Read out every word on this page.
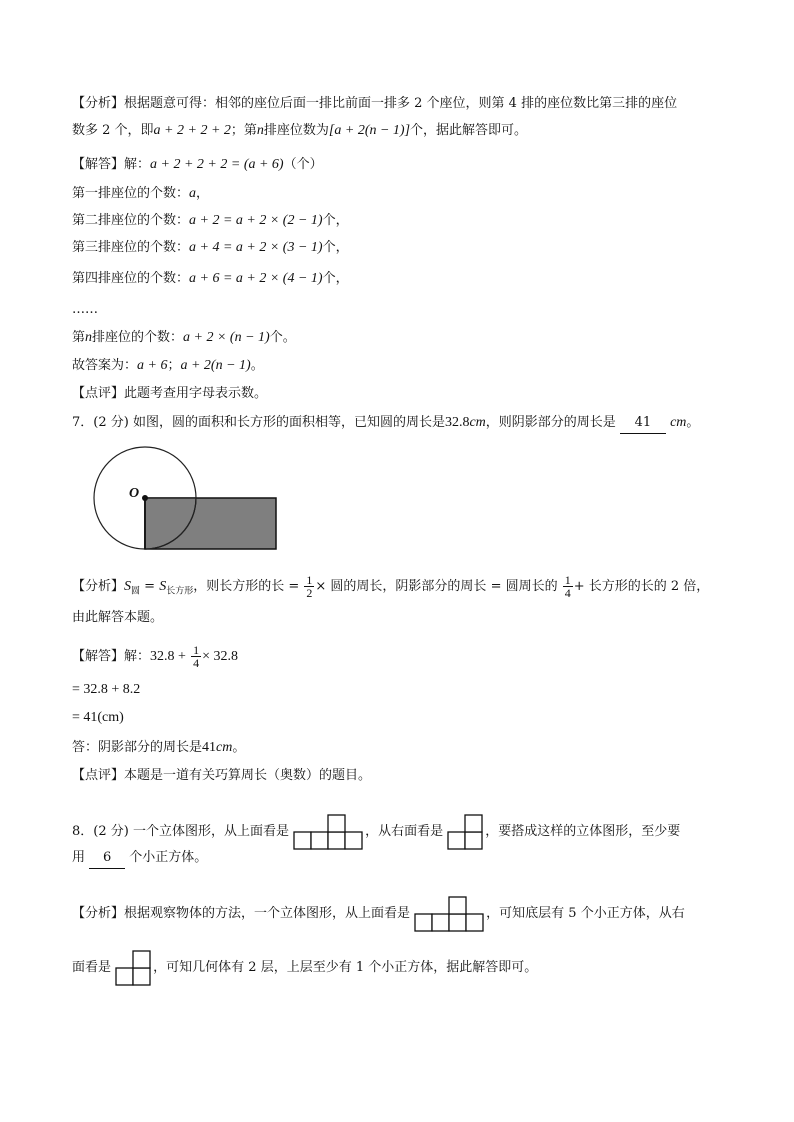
【分析】根据题意可得：相邻的座位后面一排比前面一排多 2 个座位，则第 4 排的座位数比第三排的座位
数多 2 个，即a + 2 + 2 + 2；第n排座位数为[a + 2(n − 1)]个，据此解答即可。
【解答】解：a + 2 + 2 + 2 = (a + 6)（个）
第一排座位的个数：a，
第二排座位的个数：a + 2 = a + 2 × (2 − 1)个，
第三排座位的个数：a + 4 = a + 2 × (3 − 1)个，
第四排座位的个数：a + 6 = a + 2 × (4 − 1)个，
……
第n排座位的个数：a + 2 × (n − 1)个。
故答案为：a + 6；a + 2(n − 1)。
【点评】此题考查用字母表示数。
7．(2 分) 如图，圆的面积和长方形的面积相等，已知圆的周长是32.8cm，则阴影部分的周长是 41 cm。
O
【分析】$S_圆 = S_{长方形}$，则长方形的长 = $\frac{1}{2}$ × 圆的周长，阴影部分的周长 = 圆周长的 $\frac{1}{4}$ + 长方形的长的 2 倍，
由此解答本题。
【解答】解：$32.8 + \frac{1}{4} \times 32.8$
= 32.8 + 8.2
= 41(cm)
答：阴影部分的周长是41cm。
【点评】本题是一道有关巧算周长（奥数）的题目。
8．(2 分) 一个立体图形，从上面看是	，从右面看是	，要搭成这样的立体图形，至少要
用 6 个小正方体。
【分析】根据观察物体的方法，一个立体图形，从上面看是	，可知底层有 5 个小正方体，从右
面看是	，可知几何体有 2 层，上层至少有 1 个小正方体，据此解答即可。
